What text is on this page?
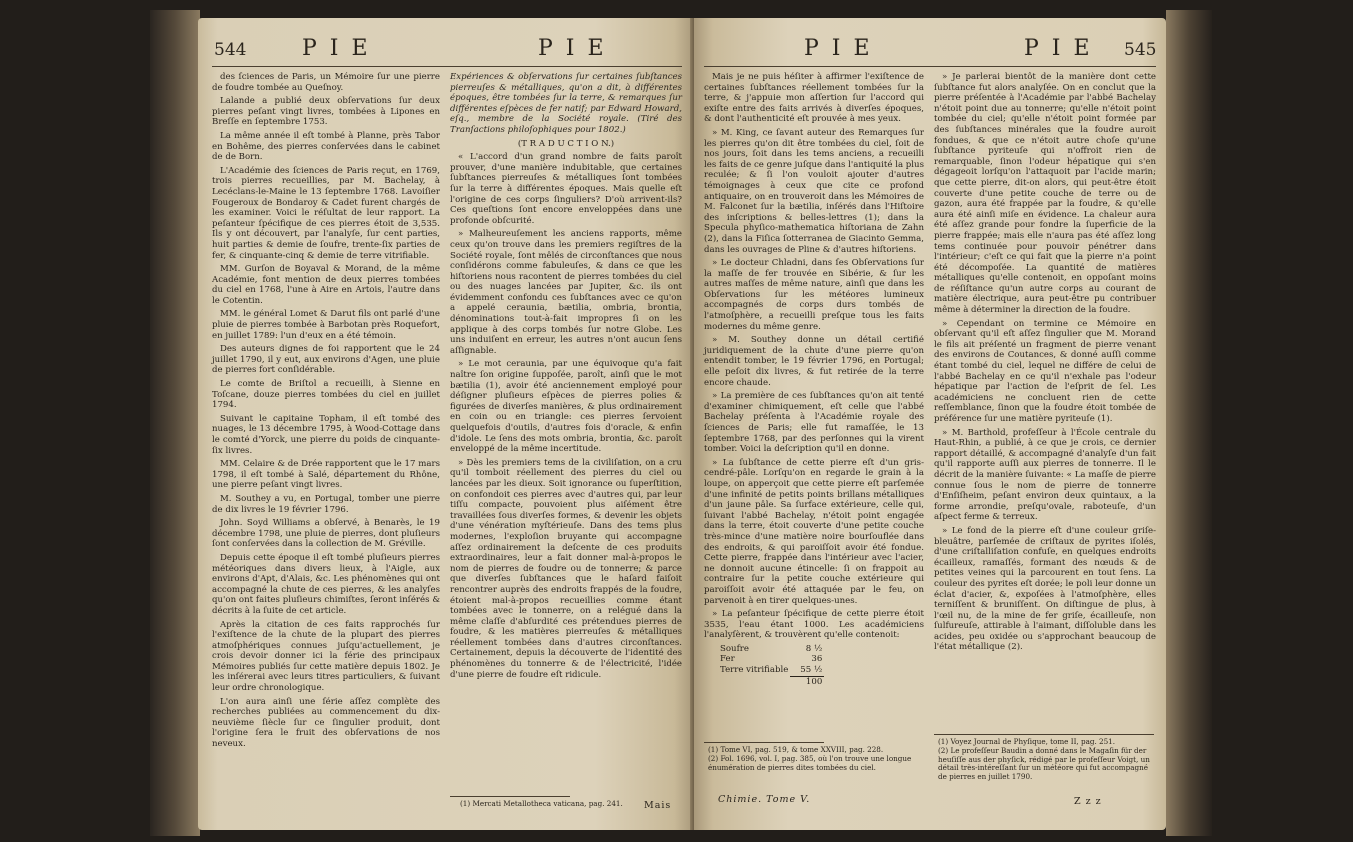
544	P I E	P I E

des ſciences de Paris, un Mémoire ſur une pierre de foudre tombée au Queſnoy.

Lalande a publié deux obſervations ſur deux pierres peſant vingt livres, tombées à Lipones en Breſſe en ſeptembre 1753.

La même année il eſt tombé à Planne, près Tabor en Bohême, des pierres conſervées dans le cabinet de de Born.

L'Académie des ſciences de Paris reçut, en 1769, trois pierres recueillies, par M. Bachelay, à Lecéclans-le-Maine le 13 ſeptembre 1768. Lavoiſier Fougeroux de Bondaroy & Cadet furent chargés de les examiner. Voici le réſultat de leur rapport. La peſanteur ſpécifique de ces pierres étoit de 3,535. Ils y ont découvert, par l'analyſe, ſur cent parties, huit parties & demie de ſoufre, trente-ſix parties de fer, & cinquante-cinq & demie de terre vitrifiable.

MM. Gurſon de Boyaval & Morand, de la même Académie, font mention de deux pierres tombées du ciel en 1768, l'une à Aire en Artois, l'autre dans le Cotentin.

MM. le général Lomet & Darut fils ont parlé d'une pluie de pierres tombée à Barbotan près Roquefort, en juillet 1789: l'un d'eux en a été témoin.

Des auteurs dignes de foi rapportent que le 24 juillet 1790, il y eut, aux environs d'Agen, une pluie de pierres fort conſidérable.

Le comte de Briſtol a recueilli, à Sienne en Toſcane, douze pierres tombées du ciel en juillet 1794.

Suivant le capitaine Topham, il eſt tombé des nuages, le 13 décembre 1795, à Wood-Cottage dans le comté d'Yorck, une pierre du poids de cinquante-ſix livres.

MM. Celaire & de Drée rapportent que le 17 mars 1798, il eſt tombé à Salé, département du Rhône, une pierre peſant vingt livres.

M. Southey a vu, en Portugal, tomber une pierre de dix livres le 19 février 1796.

John. Soyd Williams a obſervé, à Benarès, le 19 décembre 1798, une pluie de pierres, dont pluſieurs ſont conſervées dans la collection de M. Gréville.

Depuis cette époque il eſt tombé pluſieurs pierres météoriques dans divers lieux, à l'Aigle, aux environs d'Apt, d'Alais, &c. Les phénomènes qui ont accompagné la chute de ces pierres, & les analyſes qu'on ont faites pluſieurs chimiſtes, ſeront inſérés & décrits à la ſuite de cet article.

Après la citation de ces faits rapprochés ſur l'exiſtence de la chute de la plupart des pierres atmoſphériques connues juſqu'actuellement, je crois devoir donner ici la férie des principaux Mémoires publiés ſur cette matière depuis 1802. Je les inſérerai avec leurs titres particuliers, & ſuivant leur ordre chronologique.

L'on aura ainſi une ſérie aſſez complète des recherches publiées au commencement du dix-neuvième ſiècle ſur ce ſingulier produit, dont l'origine ſera le fruit des obſervations de nos neveux.

Expériences & obſervations ſur certaines ſubſtances pierreuſes & métalliques, qu'on a dit, à différentes époques, être tombées ſur la terre, & remarques ſur différentes eſpèces de fer natif; par Edward Howard, eſq., membre de la Société royale. (Tiré des Tranſactions philoſophiques pour 1802.)

(T R A D U C T I O N.)

« L'accord d'un grand nombre de faits paroît prouver, d'une manière indubitable, que certaines ſubſtances pierreuſes & métalliques ſont tombées ſur la terre à différentes époques. Mais quelle eſt l'origine de ces corps ſinguliers? D'où arrivent-ils? Ces queſtions ſont encore enveloppées dans une profonde obſcurité.

» Malheureuſement les anciens rapports, même ceux qu'on trouve dans les premiers regiſtres de la Société royale, ſont mêlés de circonſtances que nous conſidérons comme fabuleuſes, & dans ce que les hiſtoriens nous racontent de pierres tombées du ciel ou des nuages lancées par Jupiter, &c. ils ont évidemment confondu ces ſubſtances avec ce qu'on a appelé ceraunia, bætilia, ombria, brontia, dénominations tout-à-fait impropres ſi on les applique à des corps tombés ſur notre Globe. Les uns induiſent en erreur, les autres n'ont aucun ſens aſſignable.

» Le mot ceraunia, par une équivoque qu'a fait naître ſon origine ſuppoſée, paroît, ainſi que le mot bætilia (1), avoir été anciennement employé pour déſigner pluſieurs eſpèces de pierres polies & figurées de diverſes manières, & plus ordinairement en coin ou en triangle: ces pierres ſervoient quelquefois d'outils, d'autres fois d'oracle, & enfin d'idole. Le ſens des mots ombria, brontia, &c. paroît enveloppé de la même incertitude.

» Dès les premiers tems de la civiliſation, on a cru qu'il tomboit réellement des pierres du ciel ou lancées par les dieux. Soit ignorance ou ſuperſtition, on confondoit ces pierres avec d'autres qui, par leur tiſſu compacte, pouvoient plus aiſément être travaillées ſous diverſes formes, & devenir les objets d'une vénération myſtérieuſe. Dans des tems plus modernes, l'exploſion bruyante qui accompagne aſſez ordinairement la deſcente de ces produits extraordinaires, leur a fait donner mal-à-propos le nom de pierres de foudre ou de tonnerre; & parce que diverſes ſubſtances que le haſard faiſoit rencontrer auprès des endroits frappés de la foudre, étoient mal-à-propos recueillies comme étant tombées avec le tonnerre, on a relégué dans la même claſſe d'abſurdité ces prétendues pierres de foudre, & les matières pierreuſes & métalliques réellement tombées dans d'autres circonſtances. Certainement, depuis la découverte de l'identité des phénomènes du tonnerre & de l'électricité, l'idée d'une pierre de foudre eſt ridicule.

(1) Mercati Metallotheca vaticana, pag. 241.	Mais
P I E	P I E 545

Mais je ne puis héſiter à affirmer l'exiſtence de certaines ſubſtances réellement tombées ſur la terre, & j'appuie mon aſſertion ſur l'accord qui exiſte entre des faits arrivés à diverſes époques, & dont l'authenticité eſt prouvée à mes yeux.

» M. King, ce ſavant auteur des Remarques ſur les pierres qu'on dit être tombées du ciel, ſoit de nos jours, ſoit dans les tems anciens, a recueilli les faits de ce genre juſque dans l'antiquité la plus reculée; & ſi l'on vouloit ajouter d'autres témoignages à ceux que cite ce profond antiquaire, on en trouveroit dans les Mémoires de M. Falconet ſur la bætilia, inſérés dans l'Hiſtoire des inſcriptions & belles-lettres (1); dans la Specula phyſico-mathematica hiſtoriana de Zahn (2), dans la Fiſica ſotterranea de Giacinto Gemma, dans les ouvrages de Pline & d'autres hiſtoriens.

» Le docteur Chladni, dans ſes Obſervations ſur la maſſe de fer trouvée en Sibérie, & ſur les autres maſſes de même nature, ainſi que dans les Obſervations ſur les météores lumineux accompagnés de corps durs tombés de l'atmoſphère, a recueilli preſque tous les faits modernes du même genre.

» M. Southey donne un détail certifié juridiquement de la chute d'une pierre qu'on entendit tomber, le 19 février 1796, en Portugal; elle peſoit dix livres, & fut retirée de la terre encore chaude.

» La première de ces ſubſtances qu'on ait tenté d'examiner chimiquement, eſt celle que l'abbé Bachelay préſenta à l'Académie royale des ſciences de Paris; elle fut ramaſſée, le 13 ſeptembre 1768, par des perſonnes qui la virent tomber. Voici la deſcription qu'il en donne.

» La ſubſtance de cette pierre eſt d'un gris-cendré-pâle. Lorſqu'on en regarde le grain à la loupe, on apperçoit que cette pierre eſt parſemée d'une infinité de petits points brillans métalliques d'un jaune pâle. Sa ſurface extérieure, celle qui, ſuivant l'abbé Bachelay, n'étoit point engagée dans la terre, étoit couverte d'une petite couche très-mince d'une matière noire bourſouflée dans des endroits, & qui paroiſſoit avoir été fondue. Cette pierre, frappée dans l'intérieur avec l'acier, ne donnoit aucune étincelle: ſi on frappoit au contraire ſur la petite couche extérieure qui paroiſſoit avoir été attaquée par le feu, on parvenoit à en tirer quelques-unes.

» La peſanteur ſpécifique de cette pierre étoit 3535, l'eau étant 1000. Les académiciens l'analyſèrent, & trouvèrent qu'elle contenoit:

Soufre	8 ½
Fer	36
Terre vitrifiable	55 ½
	100
(1) Tome VI, pag. 519, & tome XXVIII, pag. 228.
(2) Fol. 1696, vol. I, pag. 385, où l'on trouve une longue énumération de pierres dites tombées du ciel.
Chimie. Tome V.

» Je parlerai bientôt de la manière dont cette ſubſtance fut alors analyſée. On en conclut que la pierre préſentée à l'Académie par l'abbé Bachelay n'étoit point due au tonnerre; qu'elle n'étoit point tombée du ciel; qu'elle n'étoit point formée par des ſubſtances minérales que la foudre auroit fondues, & que ce n'étoit autre choſe qu'une ſubſtance pyriteuſe qui n'offroit rien de remarquable, ſinon l'odeur hépatique qui s'en dégageoit lorſqu'on l'attaquoit par l'acide marin; que cette pierre, dit-on alors, qui peut-être étoit couverte d'une petite couche de terre ou de gazon, aura été frappée par la foudre, & qu'elle aura été ainſi miſe en évidence. La chaleur aura été aſſez grande pour fondre la ſuperficie de la pierre frappée; mais elle n'aura pas été aſſez long tems continuée pour pouvoir pénétrer dans l'intérieur; c'eſt ce qui fait que la pierre n'a point été décompoſée. La quantité de matières métalliques qu'elle contenoit, en oppoſant moins de réſiſtance qu'un autre corps au courant de matière électrique, aura peut-être pu contribuer même à déterminer la direction de la foudre.

» Cependant on termine ce Mémoire en obſervant qu'il eſt aſſez ſingulier que M. Morand le fils ait préſenté un fragment de pierre venant des environs de Coutances, & donné auſſi comme étant tombé du ciel, lequel ne différe de celui de l'abbé Bachelay en ce qu'il n'exhale pas l'odeur hépatique par l'action de l'eſprit de ſel. Les académiciens ne concluent rien de cette reſſemblance, ſinon que la foudre étoit tombée de préférence ſur une matière pyriteuſe (1).

» M. Barthold, profeſſeur à l'École centrale du Haut-Rhin, a publié, à ce que je crois, ce dernier rapport détaillé, & accompagné d'analyſe d'un fait qu'il rapporte auſſi aux pierres de tonnerre. Il le décrit de la manière ſuivante: « La maſſe de pierre connue ſous le nom de pierre de tonnerre d'Enſiſheim, peſant environ deux quintaux, a la forme arrondie, preſqu'ovale, raboteuſe, d'un aſpect ferme & terreux.

» Le fond de la pierre eſt d'une couleur griſe-bleuâtre, parſemée de criſtaux de pyrites iſolés, d'une criſtalliſation confuſe, en quelques endroits écailleux, ramaſſés, formant des nœuds & de petites veines qui la parcourent en tout ſens. La couleur des pyrites eſt dorée; le poli leur donne un éclat d'acier, &, expoſées à l'atmoſphère, elles terniſſent & bruniſſent. On diſtingue de plus, à l'œil nu, de la mine de fer griſe, écailleuſe, non ſulfureuſe, attirable à l'aimant, diſſoluble dans les acides, peu oxidée ou s'approchant beaucoup de l'état métallique (2).

(1) Voyez Journal de Phyſique, tome II, pag. 251.
(2) Le profeſſeur Baudin a donné dans le Magaſin für der heuſiſſe aus der phyſick, rédigé par le profeſſeur Voigt, un détail très-intéreſſant ſur un météore qui fut accompagné de pierres en juillet 1790.
Z z z
